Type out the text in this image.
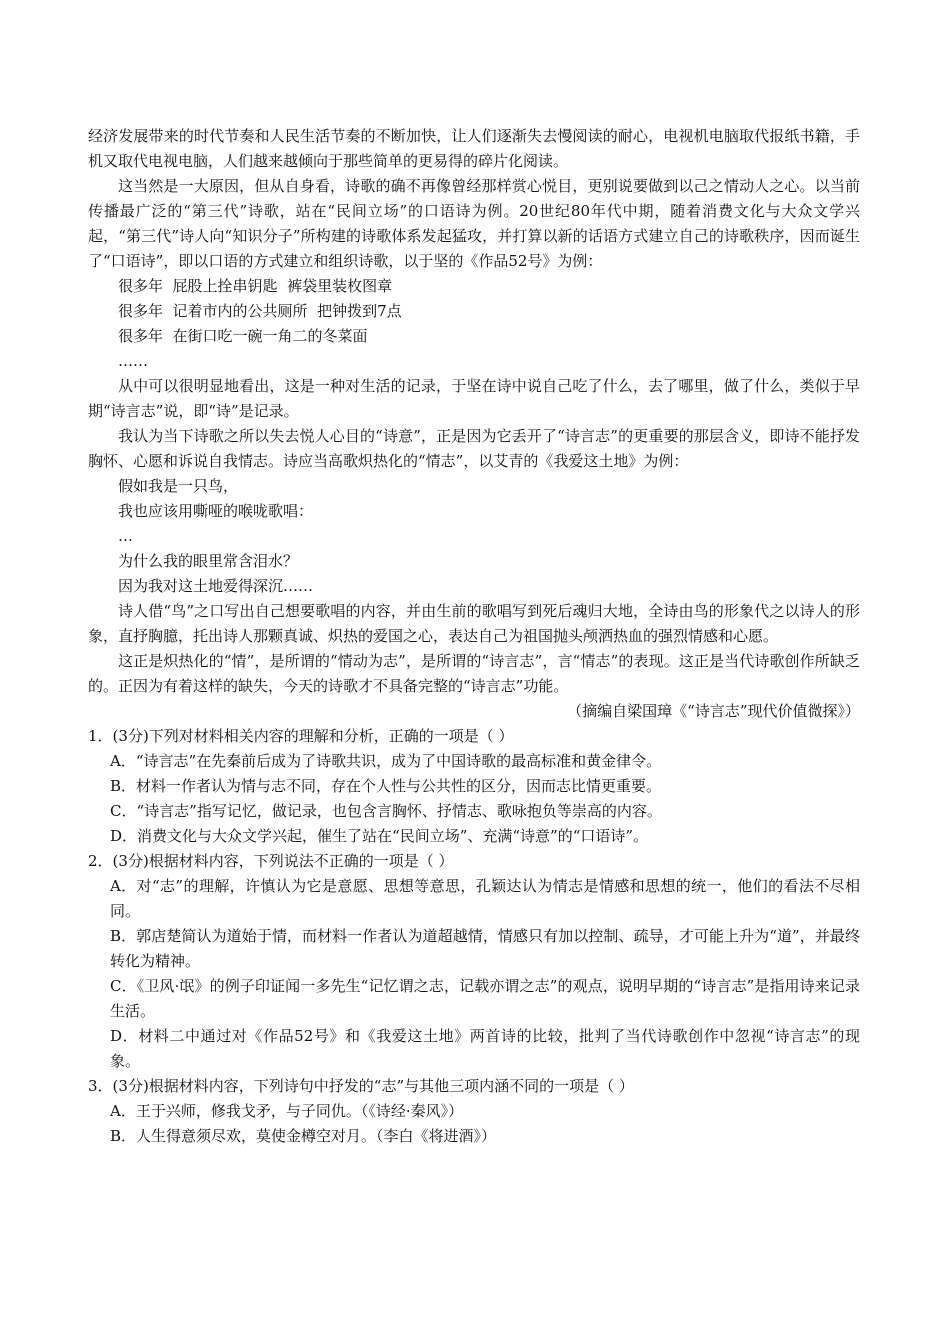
经济发展带来的时代节奏和人民生活节奏的不断加快，让人们逐渐失去慢阅读的耐心，电视机电脑取代报纸书籍，手机又取代电视电脑，人们越来越倾向于那些简单的更易得的碎片化阅读。

这当然是一大原因，但从自身看，诗歌的确不再像曾经那样赏心悦目，更别说要做到以己之情动人之心。以当前传播最广泛的“第三代”诗歌，站在“民间立场”的口语诗为例。20世纪80年代中期，随着消费文化与大众文学兴起，“第三代”诗人向“知识分子”所构建的诗歌体系发起猛攻，并打算以新的话语方式建立自己的诗歌秩序，因而诞生了“口语诗”，即以口语的方式建立和组织诗歌，以于坚的《作品52号》为例：

很多年  屁股上拴串钥匙  裤袋里装枚图章

很多年  记着市内的公共厕所  把钟拨到7点

很多年  在街口吃一碗一角二的冬菜面

……

从中可以很明显地看出，这是一种对生活的记录，于坚在诗中说自己吃了什么，去了哪里，做了什么，类似于早期“诗言志”说，即“诗”是记录。

我认为当下诗歌之所以失去悦人心目的“诗意”，正是因为它丢开了“诗言志”的更重要的那层含义，即诗不能抒发胸怀、心愿和诉说自我情志。诗应当高歌炽热化的“情志”，以艾青的《我爱这土地》为例：

假如我是一只鸟，

我也应该用嘶哑的喉咙歌唱：

…

为什么我的眼里常含泪水？

因为我对这土地爱得深沉……

诗人借“鸟”之口写出自己想要歌唱的内容，并由生前的歌唱写到死后魂归大地，全诗由鸟的形象代之以诗人的形象，直抒胸臆，托出诗人那颗真诚、炽热的爱国之心，表达自己为祖国抛头颅洒热血的强烈情感和心愿。

这正是炽热化的“情”，是所谓的“情动为志”，是所谓的“诗言志”，言“情志”的表现。这正是当代诗歌创作所缺乏的。正因为有着这样的缺失，今天的诗歌才不具备完整的“诗言志”功能。

（摘编自梁国璋《“诗言志”现代价值微探》）

1．(3分)下列对材料相关内容的理解和分析，正确的一项是（ ）

A．“诗言志”在先秦前后成为了诗歌共识，成为了中国诗歌的最高标准和黄金律令。

B．材料一作者认为情与志不同，存在个人性与公共性的区分，因而志比情更重要。

C．“诗言志”指写记忆，做记录，也包含言胸怀、抒情志、歌咏抱负等崇高的内容。

D．消费文化与大众文学兴起，催生了站在“民间立场”、充满“诗意”的“口语诗”。

2．(3分)根据材料内容，下列说法不正确的一项是（ ）

A．对“志”的理解，许慎认为它是意愿、思想等意思，孔颖达认为情志是情感和思想的统一，他们的看法不尽相同。

B．郭店楚简认为道始于情，而材料一作者认为道超越情，情感只有加以控制、疏导，才可能上升为“道”，并最终转化为精神。

C．《卫风·氓》的例子印证闻一多先生“记忆谓之志，记载亦谓之志”的观点，说明早期的“诗言志”是指用诗来记录生活。

D．材料二中通过对《作品52号》和《我爱这土地》两首诗的比较，批判了当代诗歌创作中忽视“诗言志”的现象。

3．(3分)根据材料内容，下列诗句中抒发的“志”与其他三项内涵不同的一项是（ ）

A．王于兴师，修我戈矛，与子同仇。（《诗经·秦风》）

B．人生得意须尽欢，莫使金樽空对月。（李白《将进酒》）
